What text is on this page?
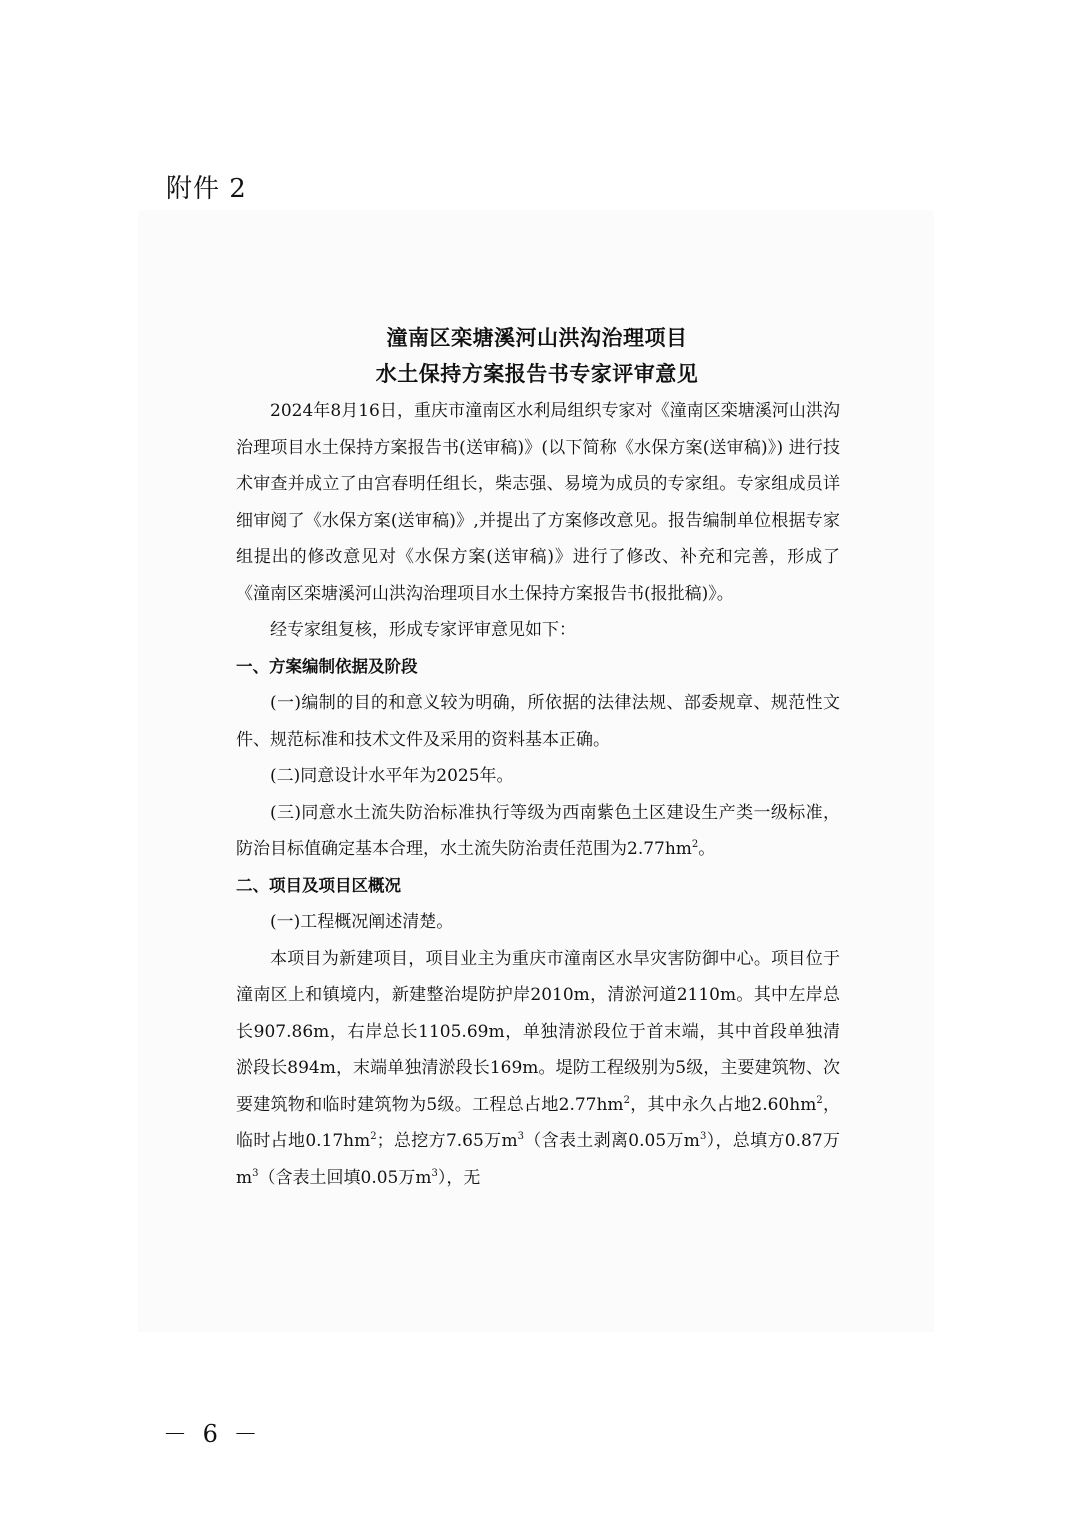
附件 2
潼南区栾塘溪河山洪沟治理项目
水土保持方案报告书专家评审意见

2024年8月16日，重庆市潼南区水利局组织专家对《潼南区栾塘溪河山洪沟治理项目水土保持方案报告书(送审稿)》(以下简称《水保方案(送审稿)》) 进行技术审查并成立了由宫春明任组长，柴志强、易境为成员的专家组。专家组成员详细审阅了《水保方案(送审稿)》,并提出了方案修改意见。报告编制单位根据专家组提出的修改意见对《水保方案(送审稿)》进行了修改、补充和完善，形成了《潼南区栾塘溪河山洪沟治理项目水土保持方案报告书(报批稿)》。

经专家组复核，形成专家评审意见如下：

一、方案编制依据及阶段

(一)编制的目的和意义较为明确，所依据的法律法规、部委规章、规范性文件、规范标准和技术文件及采用的资料基本正确。

(二)同意设计水平年为2025年。

(三)同意水土流失防治标准执行等级为西南紫色土区建设生产类一级标准，防治目标值确定基本合理，水土流失防治责任范围为$2.77hm^2$。

二、项目及项目区概况

(一)工程概况阐述清楚。

本项目为新建项目，项目业主为重庆市潼南区水旱灾害防御中心。项目位于潼南区上和镇境内，新建整治堤防护岸2010m，清淤河道2110m。其中左岸总长907.86m，右岸总长1105.69m，单独清淤段位于首末端，其中首段单独清淤段长894m，末端单独清淤段长169m。堤防工程级别为5级，主要建筑物、次要建筑物和临时建筑物为5级。工程总占地$2.77hm^2$，其中永久占地$2.60hm^2$，临时占地$0.17hm^2$；总挖方7.65万$m^3$（含表土剥离0.05万$m^3$），总填方0.87万$m^3$（含表土回填0.05万$m^3$），无

－ 6 －
